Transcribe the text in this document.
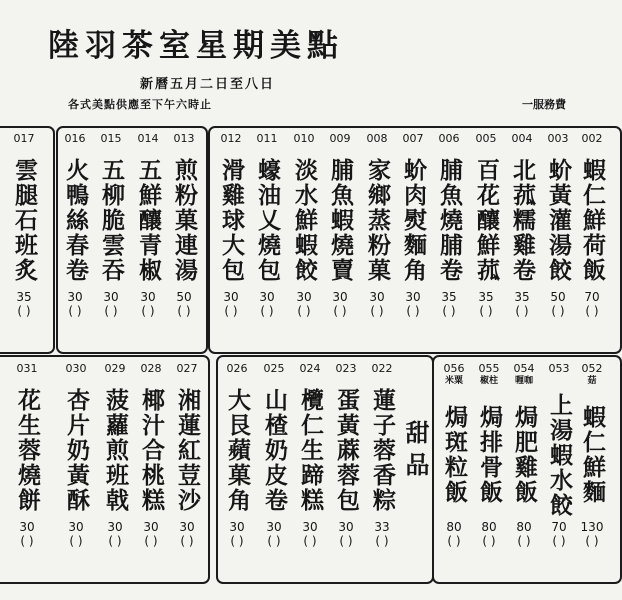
陸羽茶室星期美點
新曆五月二日至八日
各式美點供應至下午六時止	一服務費
甜品
017
雲腿石班炙
35
( )
016
火鴨絲春卷
30
( )
015
五柳脆雲吞
30
( )
014
五鮮釀青椒
30
( )
013
煎粉菓連湯
50
( )
012
滑雞球大包
30
( )
011
蠔油乂燒包
30
( )
010
淡水鮮蝦餃
30
( )
009
脯魚蝦燒賣
30
( )
008
家鄉蒸粉菓
30
( )
007
蚧肉熨麵角
30
( )
006
脯魚燒脯卷
35
( )
005
百花釀鮮菰
35
( )
004
北菰糯雞卷
35
( )
003
蚧黃灌湯餃
50
( )
002
蝦仁鮮荷飯
70
( )
031
花生蓉燒餅
30
( )
030
杏片奶黃酥
30
( )
029
菠蘿煎班戟
30
( )
028
椰汁合桃糕
30
( )
027
湘蓮紅荳沙
30
( )
026
大艮蘋菓角
30
( )
025
山楂奶皮卷
30
( )
024
欖仁生蹄糕
30
( )
023
蛋黃蔴蓉包
30
( )
022
蓮子蓉香粽
33
( )
056
米粟
焗斑粒飯
80
( )
055
椒柱
焗排骨飯
80
( )
054
喱咖
焗肥雞飯
80
( )
053
上湯蝦水餃
70
( )
052
菇
蝦仁鮮麵
130
( )
